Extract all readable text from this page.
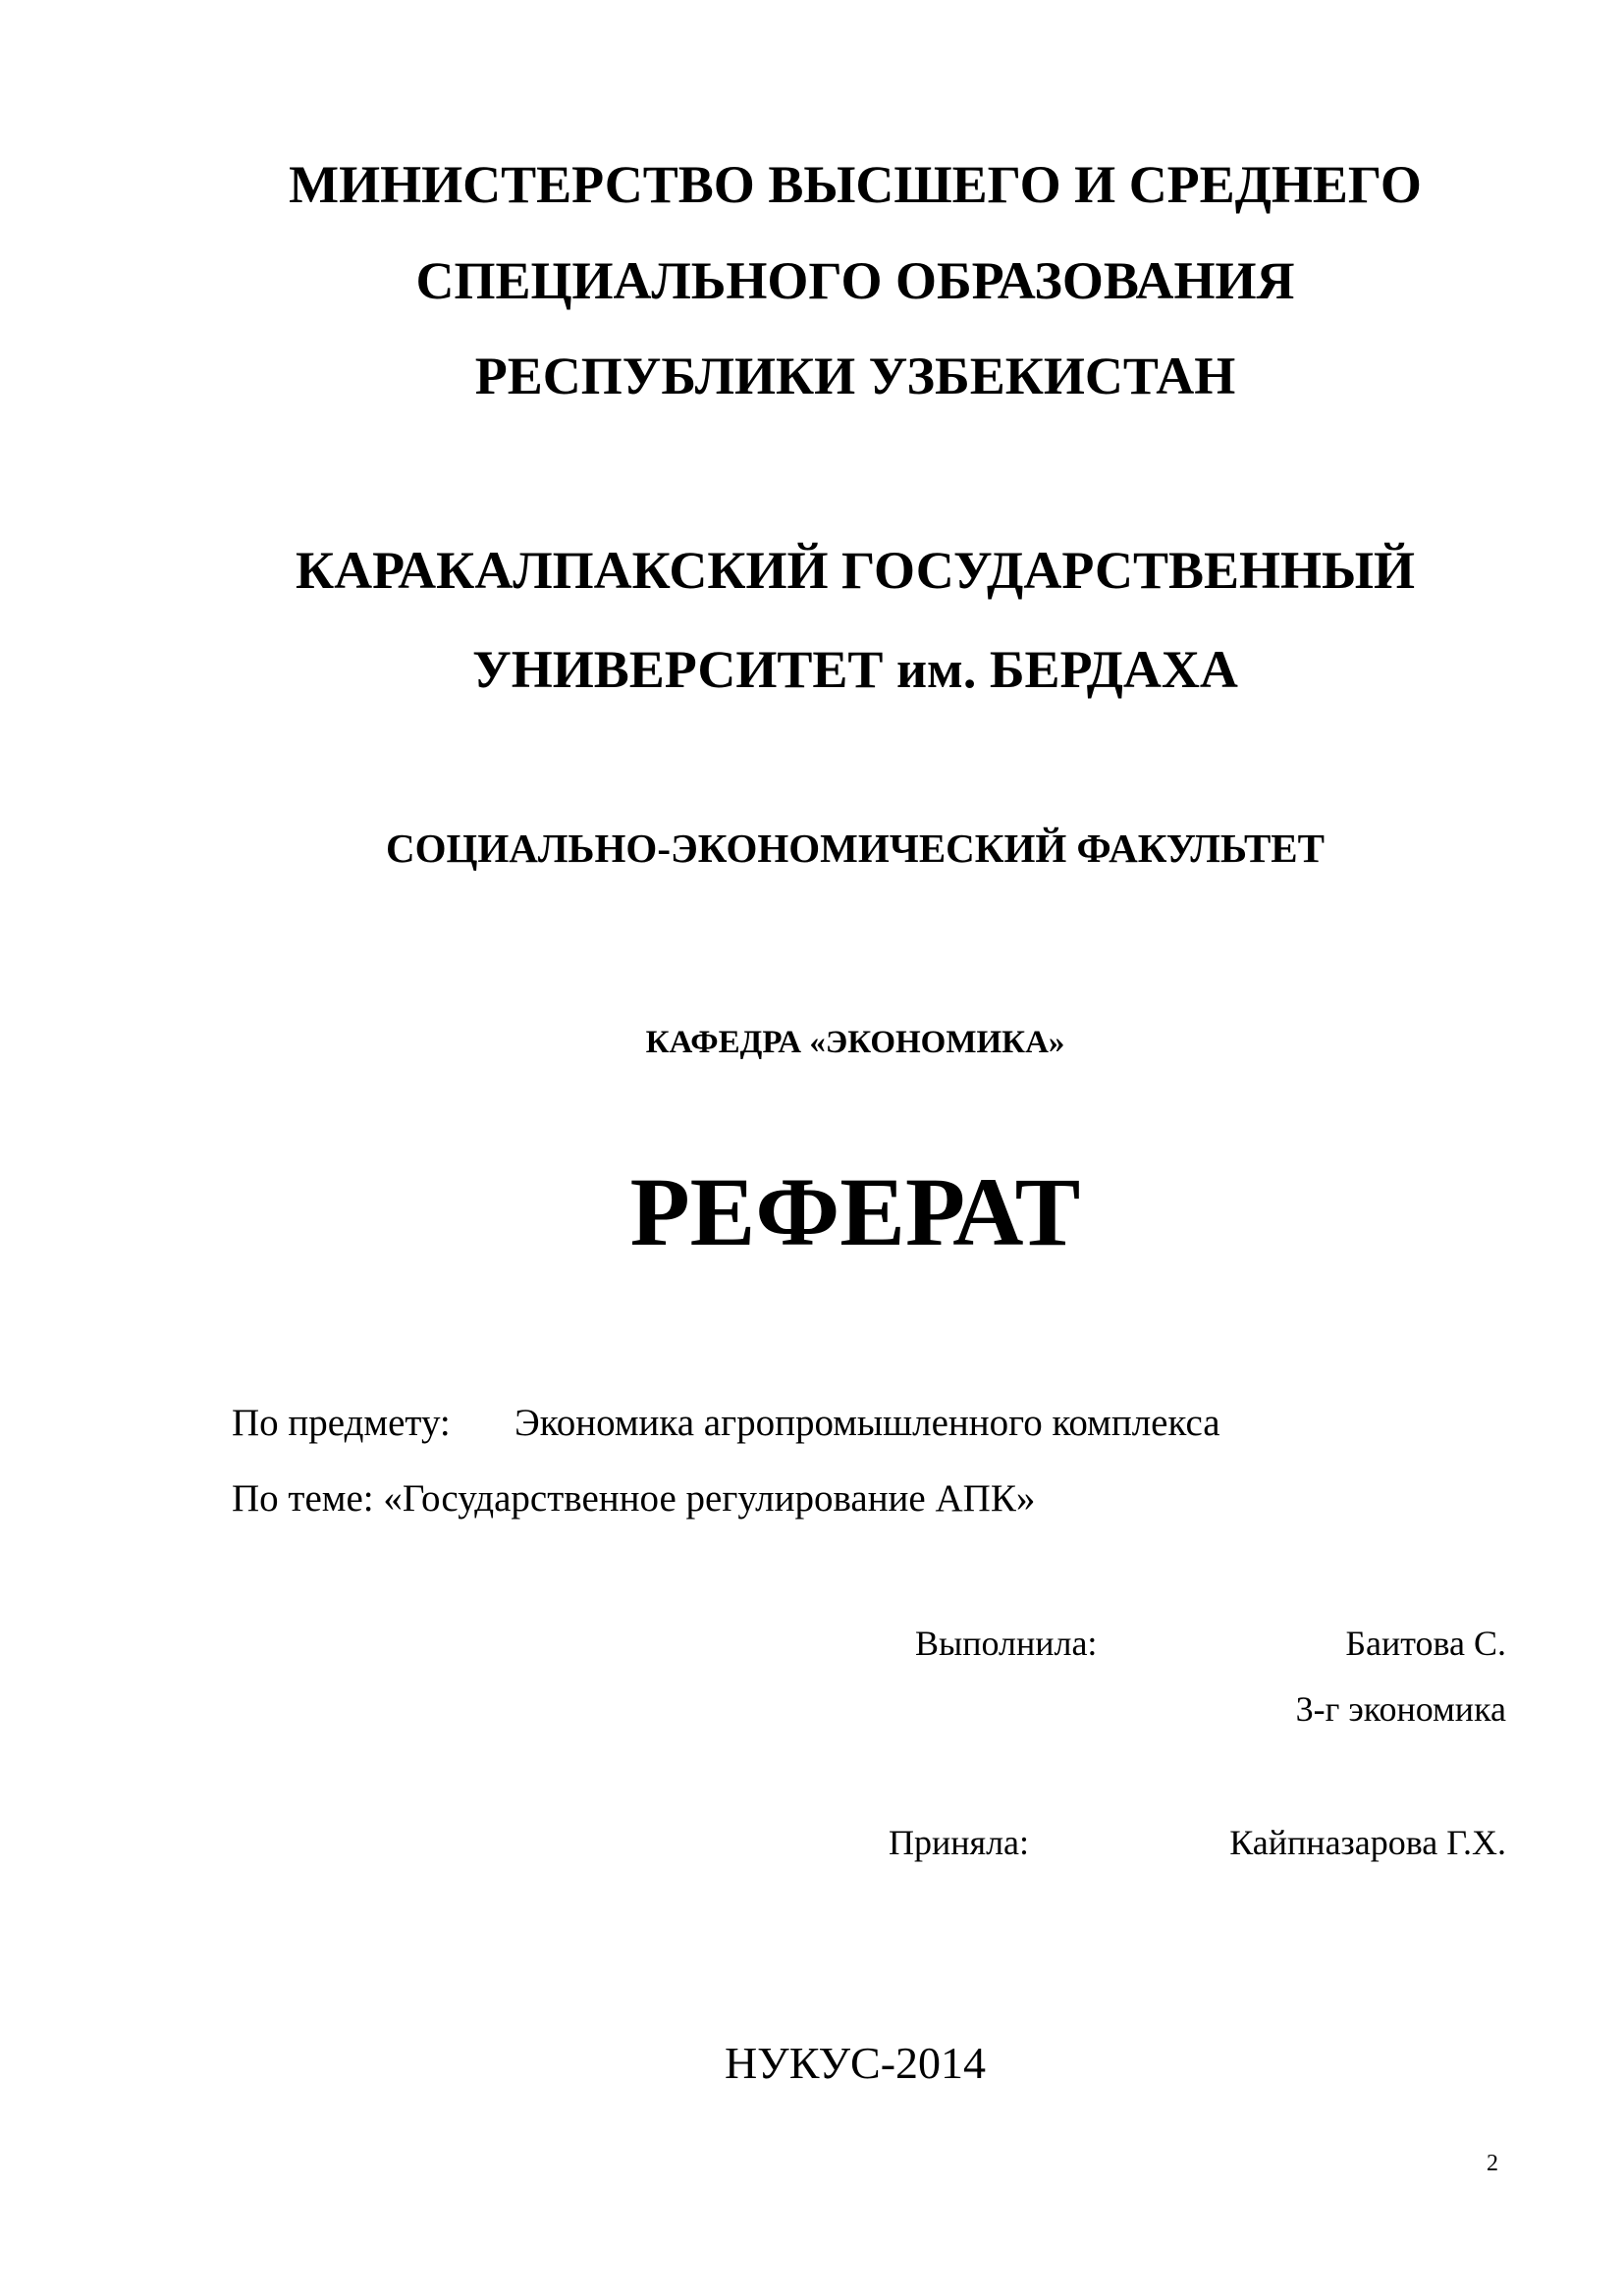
МИНИСТЕРСТВО ВЫСШЕГО И СРЕДНЕГО
СПЕЦИАЛЬНОГО ОБРАЗОВАНИЯ
РЕСПУБЛИКИ УЗБЕКИСТАН
КАРАКАЛПАКСКИЙ ГОСУДАРСТВЕННЫЙ
УНИВЕРСИТЕТ им. БЕРДАХА
СОЦИАЛЬНО-ЭКОНОМИЧЕСКИЙ ФАКУЛЬТЕТ
КАФЕДРА «ЭКОНОМИКА»
РЕФЕРАТ
По предмету: Экономика агропромышленного комплекса
По теме: «Государственное регулирование АПК»
Выполнила:	Баитова С.
3-г экономика
Приняла:	Кайпназарова Г.Х.
НУКУС-2014
2
